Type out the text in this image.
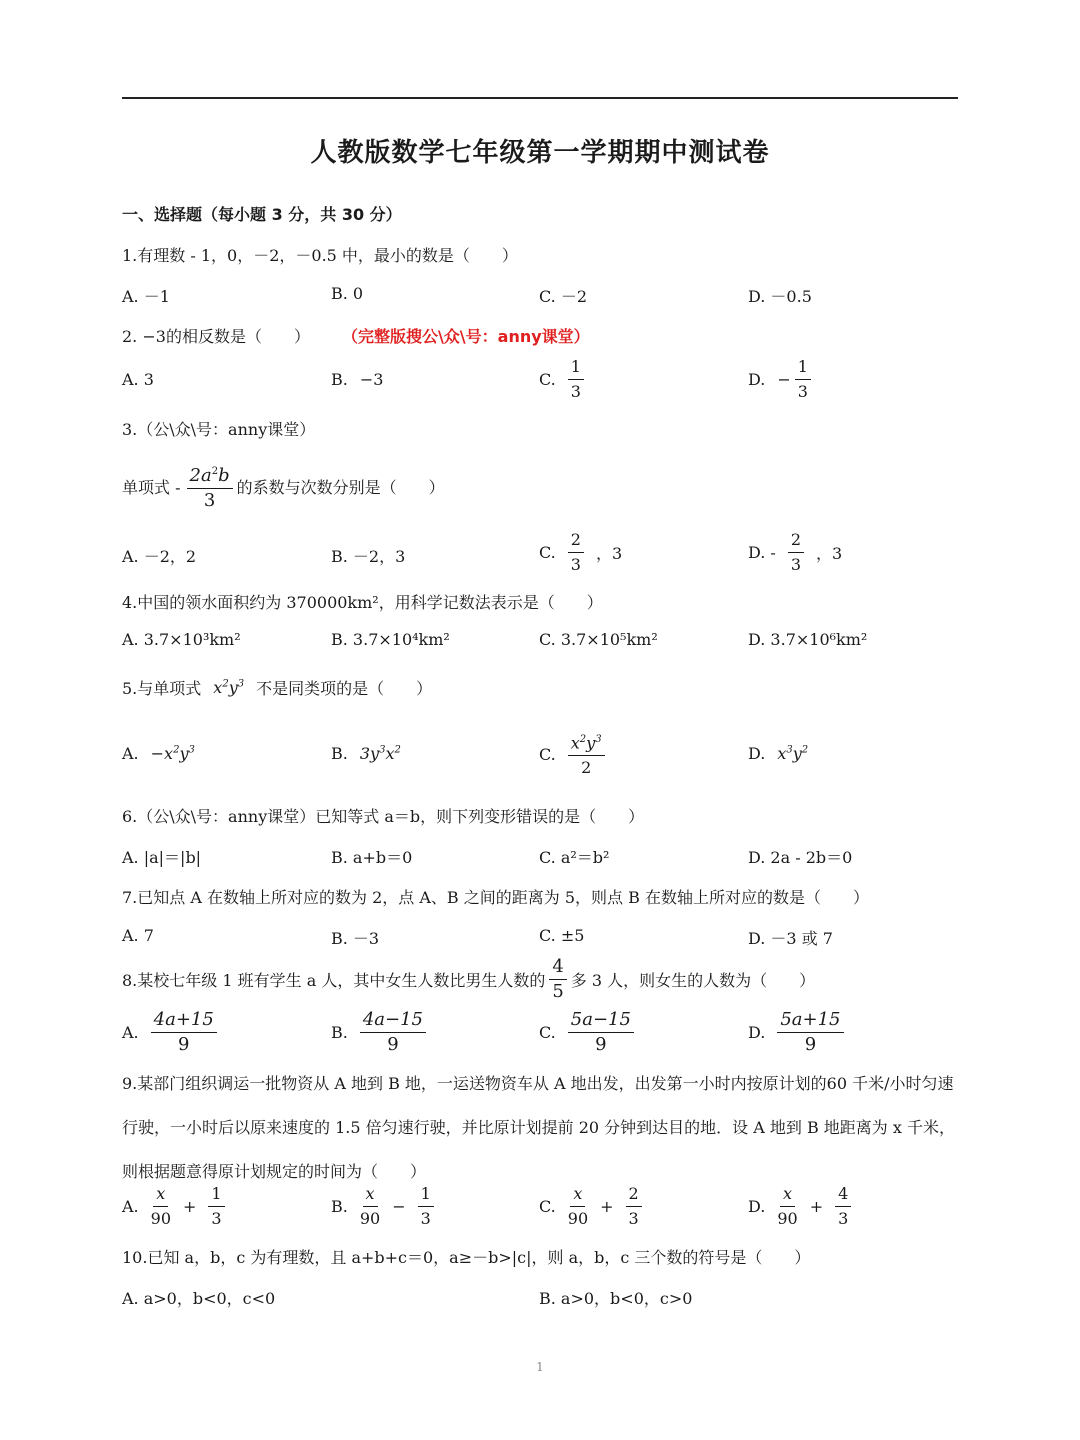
人教版数学七年级第一学期期中测试卷
一、选择题（每小题 3 分，共 30 分）
1.有理数 - 1，0，－2，－0.5 中，最小的数是（　　）
A. －1	B. 0	C. －2	D. －0.5
2. −3的相反数是（　　）	（完整版搜公\众\号：anny课堂）
A. 3	B. −3	C. $\frac{1}{3}$	D. − $\frac{1}{3}$
3.（公\众\号：anny课堂）
单项式 - $\frac{2a^2b}{3}$ 的系数与次数分别是（　　）
A. －2，2	B. －2，3	C. $\frac{2}{3}$ ，3	D. - $\frac{2}{3}$ ，3
4.中国的领水面积约为 370000km²，用科学记数法表示是（　　）
A. 3.7×10³km²	B. 3.7×10⁴km²	C. 3.7×10⁵km²	D. 3.7×10⁶km²
5.与单项式 $x^2y^3$ 不是同类项的是（　　）
A. $-x^2y^3$	B. $3y^3x^2$	C. $\frac{x^2y^3}{2}$	D. $x^3y^2$
6.（公\众\号：anny课堂）已知等式 a＝b，则下列变形错误的是（　　）
A. |a|＝|b|	B. a+b＝0	C. a²＝b²	D. 2a - 2b＝0
7.已知点 A 在数轴上所对应的数为 2，点 A、B 之间的距离为 5，则点 B 在数轴上所对应的数是（　　）
A. 7	B. －3	C. ±5	D. －3 或 7
8.某校七年级 1 班有学生 a 人，其中女生人数比男生人数的 $\frac{4}{5}$ 多 3 人，则女生的人数为（　　）
A. $\frac{4a+15}{9}$	B. $\frac{4a-15}{9}$	C. $\frac{5a-15}{9}$	D. $\frac{5a+15}{9}$
9.某部门组织调运一批物资从 A 地到 B 地，一运送物资车从 A 地出发，出发第一小时内按原计划的60 千米/小时匀速行驶，一小时后以原来速度的 1.5 倍匀速行驶，并比原计划提前 20 分钟到达目的地．设 A 地到 B 地距离为 x 千米，则根据题意得原计划规定的时间为（　　）
A. $\frac{x}{90} + \frac{1}{3}$	B. $\frac{x}{90} - \frac{1}{3}$	C. $\frac{x}{90} + \frac{2}{3}$	D. $\frac{x}{90} + \frac{4}{3}$
10.已知 a，b，c 为有理数，且 a+b+c＝0，a≥－b>|c|，则 a，b，c 三个数的符号是（　　）
A. a>0，b<0，c<0	B. a>0，b<0，c>0
1
